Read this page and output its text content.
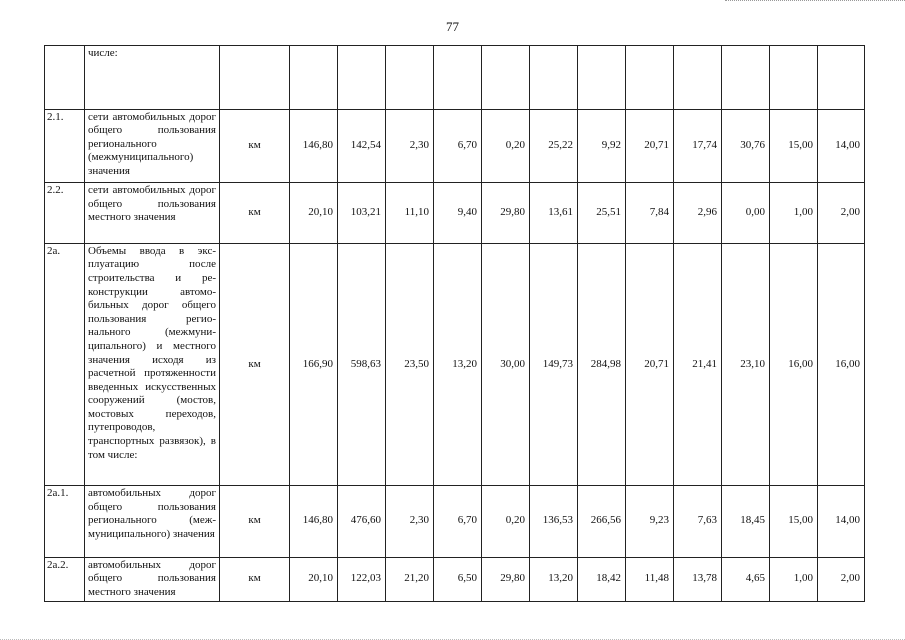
77
	числе:													
2.1.	сети автомобильных дорог общего пользования регионального (межмуниципального) значения	км	146,80	142,54	2,30	6,70	0,20	25,22	9,92	20,71	17,74	30,76	15,00	14,00
2.2.	сети автомобильных дорог общего пользования местного значения	км	20,10	103,21	11,10	9,40	29,80	13,61	25,51	7,84	2,96	0,00	1,00	2,00
2а.	Объемы ввода в эксплуатацию после строительства и реконструкции автомобильных дорог общего пользования регионального (межмуниципального) и местного значения исходя из расчетной протяженности введенных искусственных сооружений (мостов, мостовых переходов, путепроводов, транспортных развязок), в том числе:	км	166,90	598,63	23,50	13,20	30,00	149,73	284,98	20,71	21,41	23,10	16,00	16,00
2а.1.	автомобильных дорог общего пользования регионального (межмуниципального) значения	км	146,80	476,60	2,30	6,70	0,20	136,53	266,56	9,23	7,63	18,45	15,00	14,00
2а.2.	автомобильных дорог общего пользования местного значения	км	20,10	122,03	21,20	6,50	29,80	13,20	18,42	11,48	13,78	4,65	1,00	2,00
